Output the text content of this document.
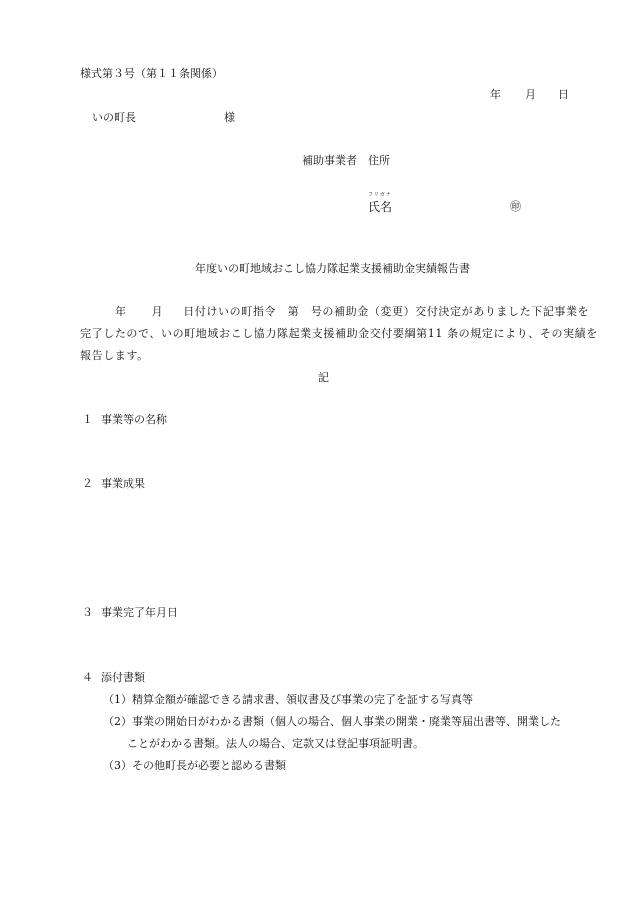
様式第３号（第１１条関係）
年 月 日
いの町長	様
補助事業者 住所
フリガナ
氏名	㊞
年度いの町地域おこし協力隊起業支援補助金実績報告書
年 月 日付けいの町指令　第　号の補助金（変更）交付決定がありました下記事業を
完了したので、いの町地域おこし協力隊起業支援補助金交付要綱第11 条の規定により、その実績を
報告します。
記
１ 事業等の名称
２ 事業成果
３ 事業完了年月日
４ 添付書類
（1）精算金額が確認できる請求書、領収書及び事業の完了を証する写真等
（2）事業の開始日がわかる書類（個人の場合、個人事業の開業・廃業等届出書等、開業した
ことがわかる書類。法人の場合、定款又は登記事項証明書。
（3）その他町長が必要と認める書類
